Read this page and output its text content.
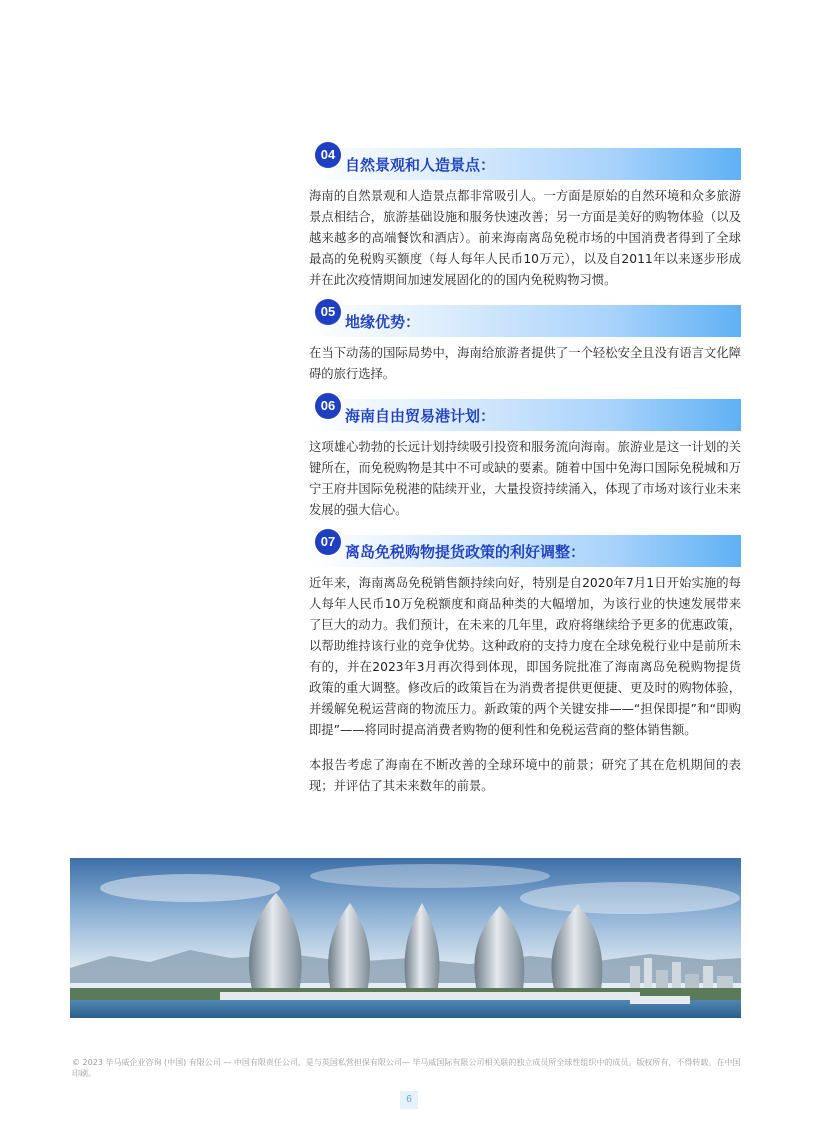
04
自然景观和人造景点：

海南的自然景观和人造景点都非常吸引人。一方面是原始的自然环境和众多旅游景点相结合，旅游基础设施和服务快速改善；另一方面是美好的购物体验（以及越来越多的高端餐饮和酒店）。前来海南离岛免税市场的中国消费者得到了全球最高的免税购买额度（每人每年人民币10万元），以及自2011年以来逐步形成并在此次疫情期间加速发展固化的的国内免税购物习惯。

05
地缘优势：

在当下动荡的国际局势中，海南给旅游者提供了一个轻松安全且没有语言文化障碍的旅行选择。

06
海南自由贸易港计划：

这项雄心勃勃的长远计划持续吸引投资和服务流向海南。旅游业是这一计划的关键所在，而免税购物是其中不可或缺的要素。随着中国中免海口国际免税城和万宁王府井国际免税港的陆续开业，大量投资持续涌入，体现了市场对该行业未来发展的强大信心。

07
离岛免税购物提货政策的利好调整：

近年来，海南离岛免税销售额持续向好，特别是自2020年7月1日开始实施的每人每年人民币10万免税额度和商品种类的大幅增加，为该行业的快速发展带来了巨大的动力。我们预计，在未来的几年里，政府将继续给予更多的优惠政策，以帮助维持该行业的竞争优势。这种政府的支持力度在全球免税行业中是前所未有的，并在2023年3月再次得到体现，即国务院批准了海南离岛免税购物提货政策的重大调整。修改后的政策旨在为消费者提供更便捷、更及时的购物体验，并缓解免税运营商的物流压力。新政策的两个关键安排——“担保即提”和“即购即提”——将同时提高消费者购物的便利性和免税运营商的整体销售额。

本报告考虑了海南在不断改善的全球环境中的前景；研究了其在危机期间的表现；并评估了其未来数年的前景。

© 2023 毕马威企业咨询 (中国) 有限公司 — 中国有限责任公司，是与英国私营担保有限公司— 毕马威国际有限公司相关联的独立成员所全球性组织中的成员。版权所有，不得转载。在中国印刷。
6
